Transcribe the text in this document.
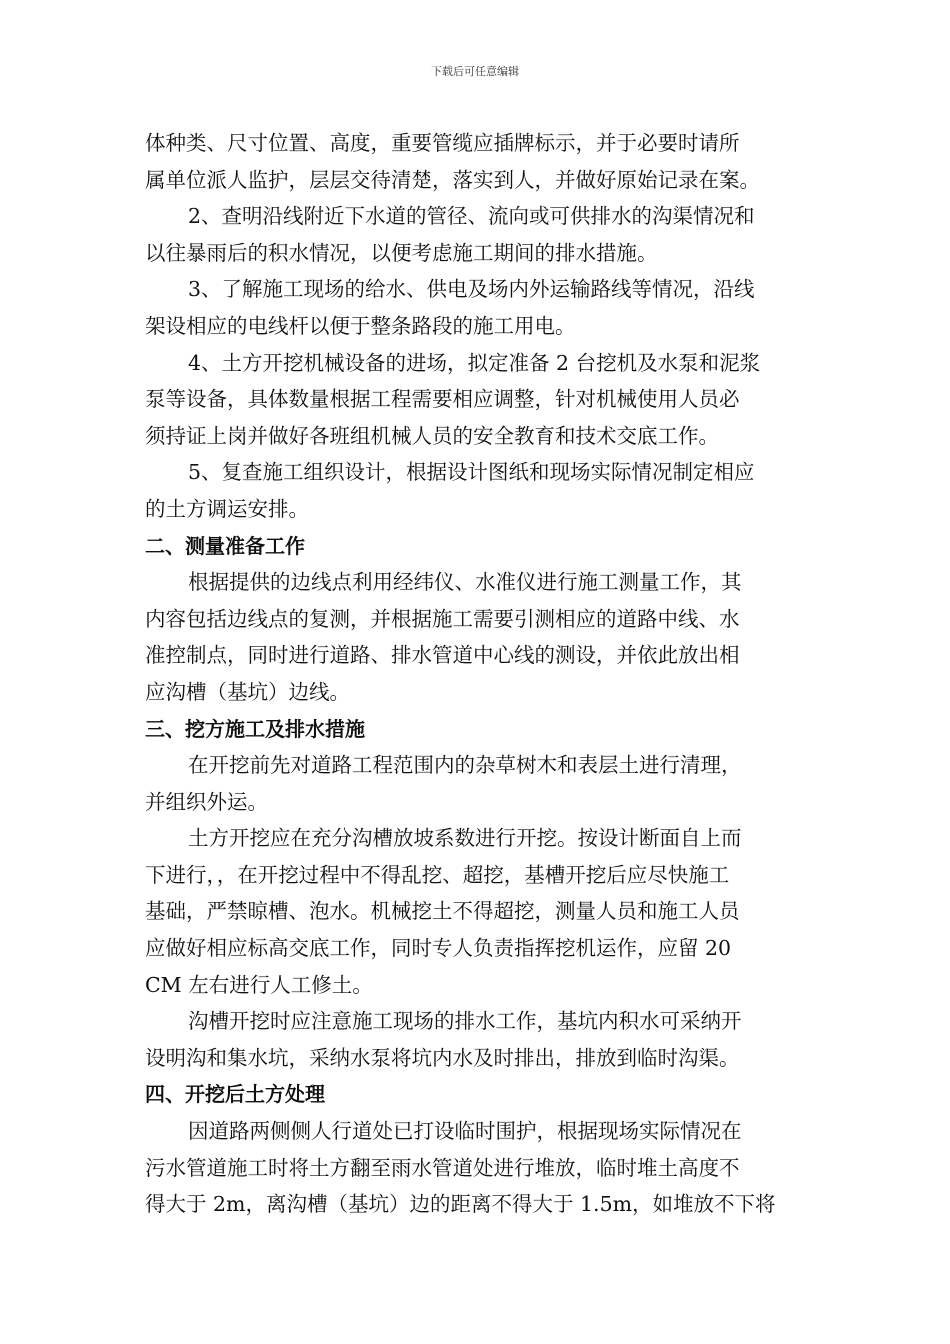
下载后可任意编辑
体种类、尺寸位置、高度，重要管缆应插牌标示，并于必要时请所
属单位派人监护，层层交待清楚，落实到人，并做好原始记录在案。
2、查明沿线附近下水道的管径、流向或可供排水的沟渠情况和
以往暴雨后的积水情况，以便考虑施工期间的排水措施。
3、了解施工现场的给水、供电及场内外运输路线等情况，沿线
架设相应的电线杆以便于整条路段的施工用电。
4、土方开挖机械设备的进场，拟定准备 2 台挖机及水泵和泥浆
泵等设备，具体数量根据工程需要相应调整，针对机械使用人员必
须持证上岗并做好各班组机械人员的安全教育和技术交底工作。
5、复查施工组织设计，根据设计图纸和现场实际情况制定相应
的土方调运安排。
二、测量准备工作
根据提供的边线点利用经纬仪、水准仪进行施工测量工作，其
内容包括边线点的复测，并根据施工需要引测相应的道路中线、水
准控制点，同时进行道路、排水管道中心线的测设，并依此放出相
应沟槽（基坑）边线。
三、挖方施工及排水措施
在开挖前先对道路工程范围内的杂草树木和表层土进行清理，
并组织外运。
土方开挖应在充分沟槽放坡系数进行开挖。按设计断面自上而
下进行，，在开挖过程中不得乱挖、超挖，基槽开挖后应尽快施工
基础，严禁晾槽、泡水。机械挖土不得超挖，测量人员和施工人员
应做好相应标高交底工作，同时专人负责指挥挖机运作，应留 20
CM 左右进行人工修土。
沟槽开挖时应注意施工现场的排水工作，基坑内积水可采纳开
设明沟和集水坑，采纳水泵将坑内水及时排出，排放到临时沟渠。
四、开挖后土方处理
因道路两侧侧人行道处已打设临时围护，根据现场实际情况在
污水管道施工时将土方翻至雨水管道处进行堆放，临时堆土高度不
得大于 2m，离沟槽（基坑）边的距离不得大于 1.5m，如堆放不下将
